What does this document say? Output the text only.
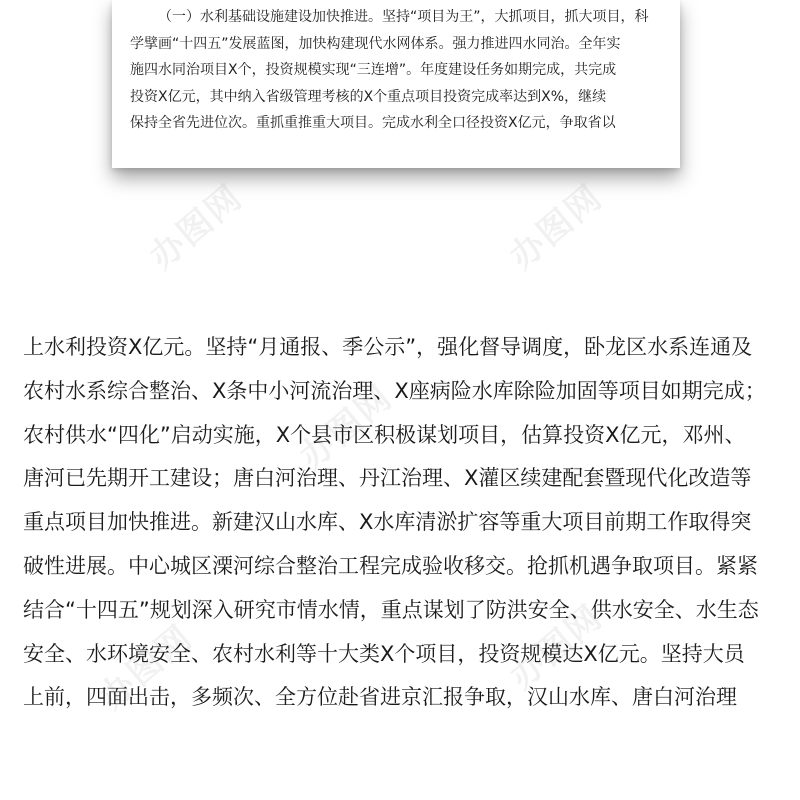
办图网	办图网
办图网
办图网
办图网
（一）水利基础设施建设加快推进。坚持“项目为王”，大抓项目，抓大项目，科
学擘画“十四五”发展蓝图，加快构建现代水网体系。强力推进四水同治。全年实
施四水同治项目Ⅹ个，投资规模实现“三连增”。年度建设任务如期完成，共完成
投资Ⅹ亿元，其中纳入省级管理考核的Ⅹ个重点项目投资完成率达到Ⅹ%，继续
保持全省先进位次。重抓重推重大项目。完成水利全口径投资Ⅹ亿元，争取省以
上水利投资Ⅹ亿元。坚持“月通报、季公示”，强化督导调度，卧龙区水系连通及
农村水系综合整治、Ⅹ条中小河流治理、Ⅹ座病险水库除险加固等项目如期完成；
农村供水“四化”启动实施，Ⅹ个县市区积极谋划项目，估算投资Ⅹ亿元，邓州、
唐河已先期开工建设；唐白河治理、丹江治理、Ⅹ灌区续建配套暨现代化改造等
重点项目加快推进。新建汉山水库、Ⅹ水库清淤扩容等重大项目前期工作取得突
破性进展。中心城区溧河综合整治工程完成验收移交。抢抓机遇争取项目。紧紧
结合“十四五”规划深入研究市情水情，重点谋划了防洪安全、供水安全、水生态
安全、水环境安全、农村水利等十大类Ⅹ个项目，投资规模达Ⅹ亿元。坚持大员
上前，四面出击，多频次、全方位赴省进京汇报争取，汉山水库、唐白河治理
